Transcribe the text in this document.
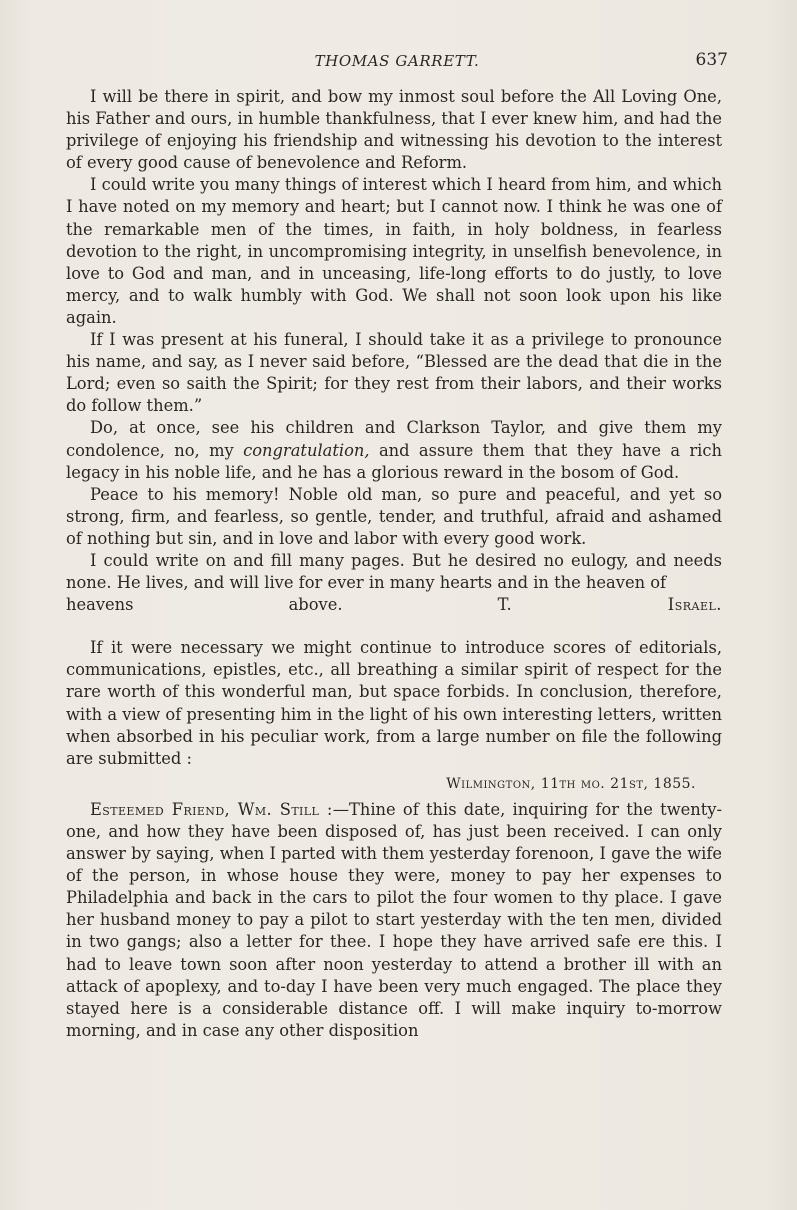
THOMAS GARRETT.	637

I will be there in spirit, and bow my inmost soul before the All Loving One, his Father and ours, in humble thankfulness, that I ever knew him, and had the privilege of enjoying his friendship and witnessing his devotion to the interest of every good cause of benevolence and Reform.

I could write you many things of interest which I heard from him, and which I have noted on my memory and heart; but I cannot now. I think he was one of the remarkable men of the times, in faith, in holy boldness, in fearless devotion to the right, in uncompromising integrity, in unselfish benevolence, in love to God and man, and in unceasing, life-long efforts to do justly, to love mercy, and to walk humbly with God. We shall not soon look upon his like again.

If I was present at his funeral, I should take it as a privilege to pronounce his name, and say, as I never said before, “Blessed are the dead that die in the Lord; even so saith the Spirit; for they rest from their labors, and their works do follow them.”

Do, at once, see his children and Clarkson Taylor, and give them my condolence, no, my congratulation, and assure them that they have a rich legacy in his noble life, and he has a glorious reward in the bosom of God.

Peace to his memory! Noble old man, so pure and peaceful, and yet so strong, firm, and fearless, so gentle, tender, and truthful, afraid and ashamed of nothing but sin, and in love and labor with every good work.

I could write on and fill many pages. But he desired no eulogy, and needs none. He lives, and will live for ever in many hearts and in the heaven of

heavens above.	T. Israel.

If it were necessary we might continue to introduce scores of editorials, communications, epistles, etc., all breathing a similar spirit of respect for the rare worth of this wonderful man, but space forbids. In conclusion, therefore, with a view of presenting him in the light of his own interesting letters, written when absorbed in his peculiar work, from a large number on file the following are submitted :

Wilmington, 11th mo. 21st, 1855.

Esteemed Friend, Wm. Still :—Thine of this date, inquiring for the twenty-one, and how they have been disposed of, has just been received. I can only answer by saying, when I parted with them yesterday forenoon, I gave the wife of the person, in whose house they were, money to pay her expenses to Philadelphia and back in the cars to pilot the four women to thy place. I gave her husband money to pay a pilot to start yesterday with the ten men, divided in two gangs; also a letter for thee. I hope they have arrived safe ere this. I had to leave town soon after noon yesterday to attend a brother ill with an attack of apoplexy, and to-day I have been very much engaged. The place they stayed here is a considerable distance off. I will make inquiry to-morrow morning, and in case any other disposition
